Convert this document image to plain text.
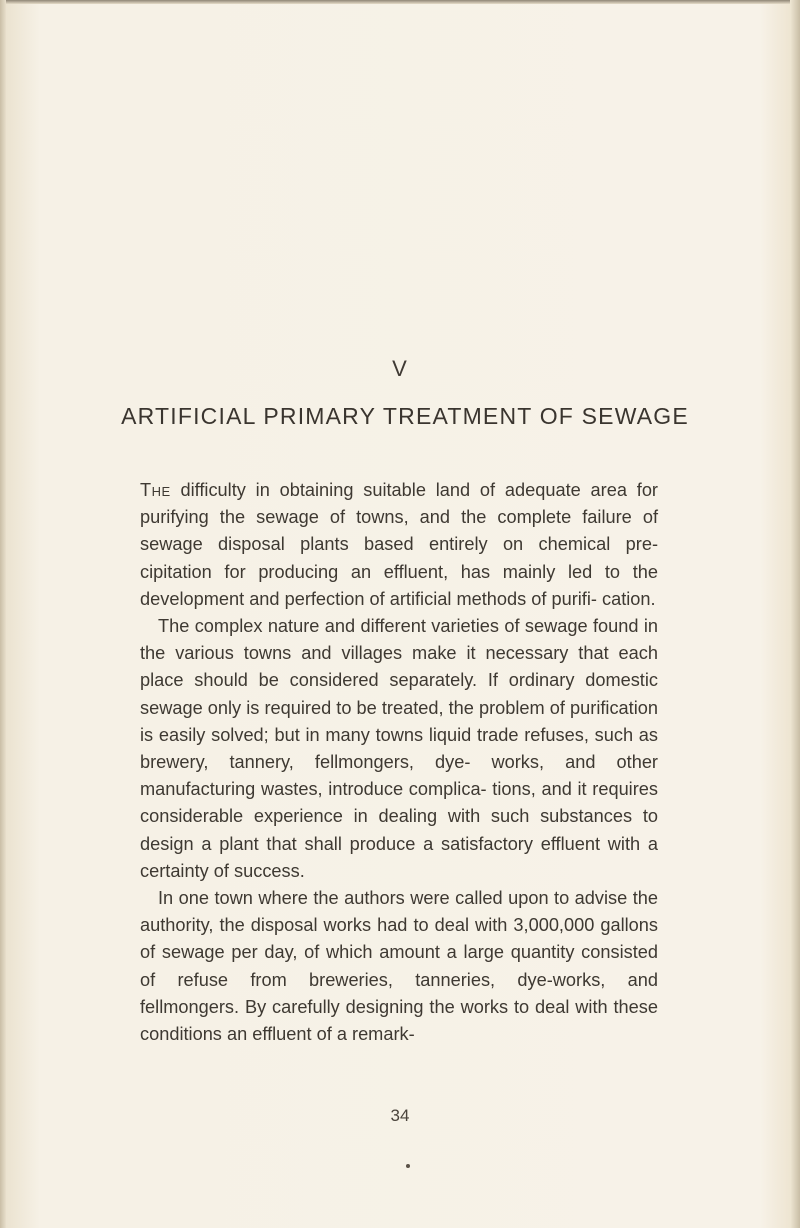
V
ARTIFICIAL PRIMARY TREATMENT OF SEWAGE

The difficulty in obtaining suitable land of adequate area for purifying the sewage of towns, and the complete failure of sewage disposal plants based entirely on chemical pre- cipitation for producing an effluent, has mainly led to the development and perfection of artificial methods of purifi- cation.

The complex nature and different varieties of sewage found in the various towns and villages make it necessary that each place should be considered separately. If ordinary domestic sewage only is required to be treated, the problem of purification is easily solved; but in many towns liquid trade refuses, such as brewery, tannery, fellmongers, dye- works, and other manufacturing wastes, introduce complica- tions, and it requires considerable experience in dealing with such substances to design a plant that shall produce a satisfactory effluent with a certainty of success.

In one town where the authors were called upon to advise the authority, the disposal works had to deal with 3,000,000 gallons of sewage per day, of which amount a large quantity consisted of refuse from breweries, tanneries, dye-works, and fellmongers. By carefully designing the works to deal with these conditions an effluent of a remark-

34
